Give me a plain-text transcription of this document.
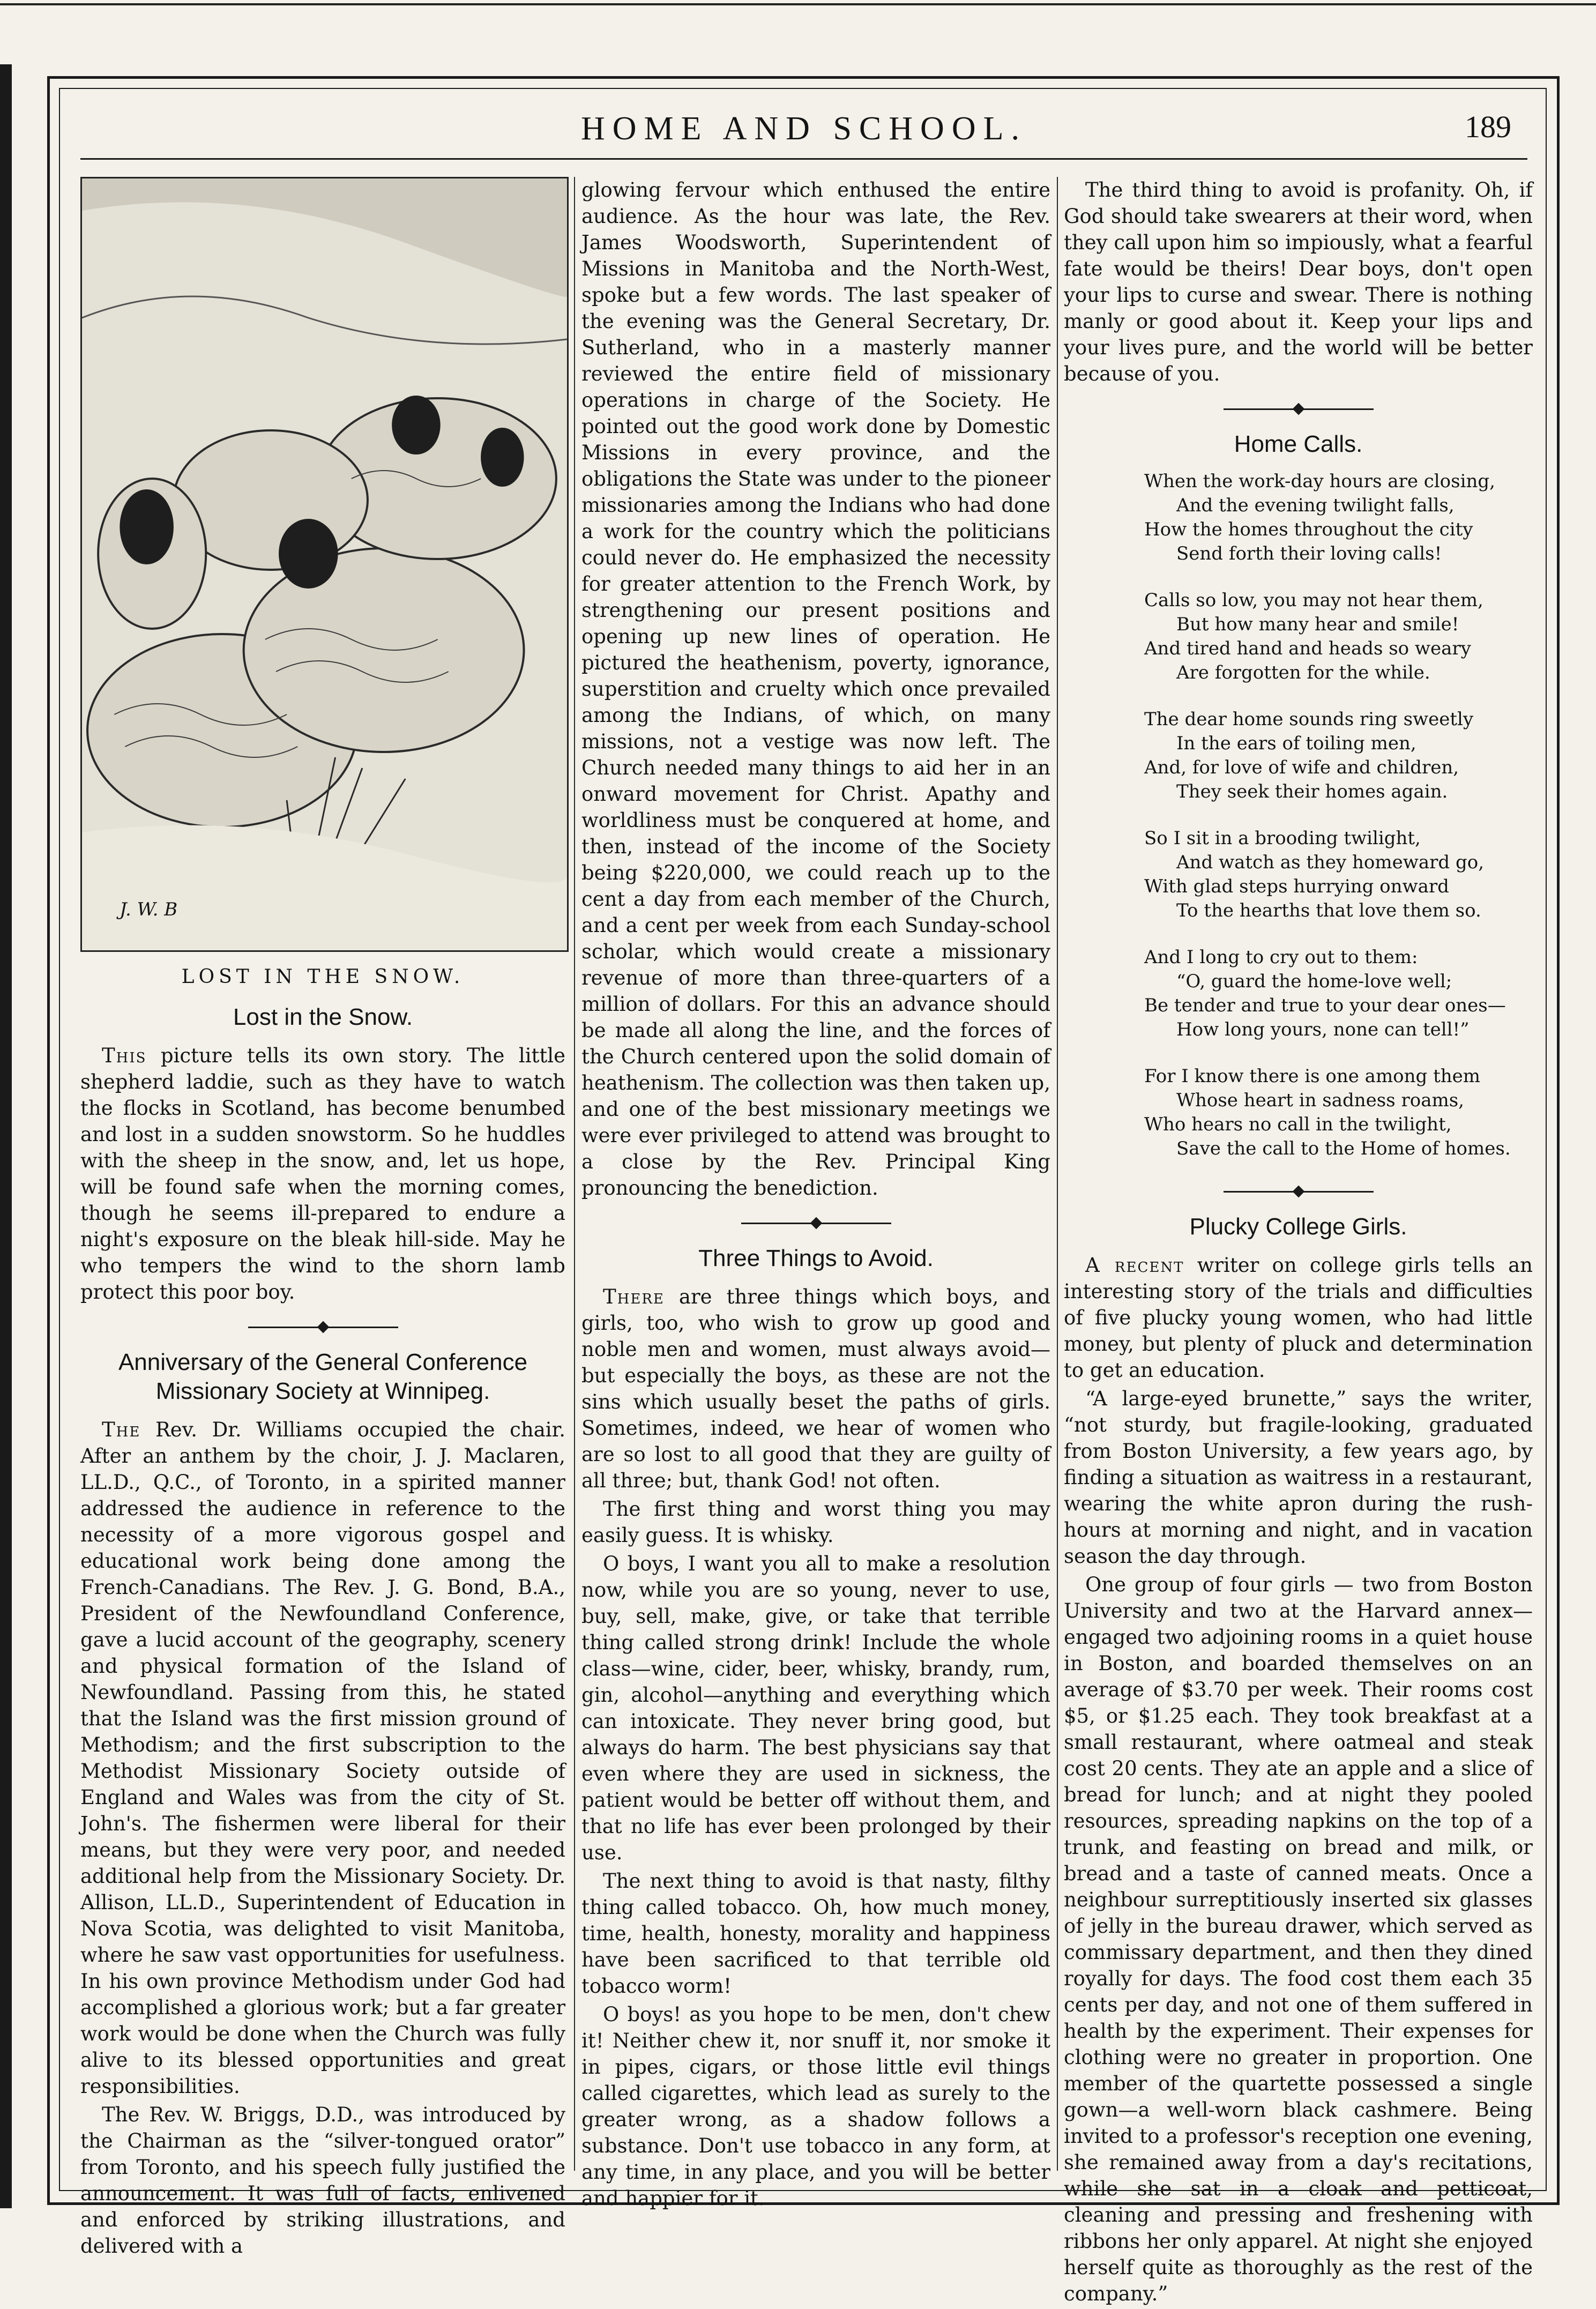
HOME AND SCHOOL.	189
J. W. B
LOST IN THE SNOW.
Lost in the Snow.

This picture tells its own story. The little shepherd laddie, such as they have to watch the flocks in Scotland, has become benumbed and lost in a sudden snowstorm. So he huddles with the sheep in the snow, and, let us hope, will be found safe when the morning comes, though he seems ill-prepared to endure a night's exposure on the bleak hill-side. May he who tempers the wind to the shorn lamb protect this poor boy.

Anniversary of the General Conference Missionary Society at Winnipeg.

The Rev. Dr. Williams occupied the chair. After an anthem by the choir, J. J. Maclaren, LL.D., Q.C., of Toronto, in a spirited manner addressed the audience in reference to the necessity of a more vigorous gospel and educational work being done among the French-Canadians. The Rev. J. G. Bond, B.A., President of the Newfoundland Conference, gave a lucid account of the geography, scenery and physical formation of the Island of Newfoundland. Passing from this, he stated that the Island was the first mission ground of Methodism; and the first subscription to the Methodist Missionary Society outside of England and Wales was from the city of St. John's. The fishermen were liberal for their means, but they were very poor, and needed additional help from the Missionary Society. Dr. Allison, LL.D., Superintendent of Education in Nova Scotia, was delighted to visit Manitoba, where he saw vast opportunities for usefulness. In his own province Methodism under God had accomplished a glorious work; but a far greater work would be done when the Church was fully alive to its blessed opportunities and great responsibilities.

The Rev. W. Briggs, D.D., was introduced by the Chairman as the “silver-tongued orator” from Toronto, and his speech fully justified the announcement. It was full of facts, enlivened and enforced by striking illustrations, and delivered with a

glowing fervour which enthused the entire audience. As the hour was late, the Rev. James Woodsworth, Superintendent of Missions in Manitoba and the North-West, spoke but a few words. The last speaker of the evening was the General Secretary, Dr. Sutherland, who in a masterly manner reviewed the entire field of missionary operations in charge of the Society. He pointed out the good work done by Domestic Missions in every province, and the obligations the State was under to the pioneer missionaries among the Indians who had done a work for the country which the politicians could never do. He emphasized the necessity for greater attention to the French Work, by strengthening our present positions and opening up new lines of operation. He pictured the heathenism, poverty, ignorance, superstition and cruelty which once prevailed among the Indians, of which, on many missions, not a vestige was now left. The Church needed many things to aid her in an onward movement for Christ. Apathy and worldliness must be conquered at home, and then, instead of the income of the Society being $220,000, we could reach up to the cent a day from each member of the Church, and a cent per week from each Sunday-school scholar, which would create a missionary revenue of more than three-quarters of a million of dollars. For this an advance should be made all along the line, and the forces of the Church centered upon the solid domain of heathenism. The collection was then taken up, and one of the best missionary meetings we were ever privileged to attend was brought to a close by the Rev. Principal King pronouncing the benediction.

Three Things to Avoid.

There are three things which boys, and girls, too, who wish to grow up good and noble men and women, must always avoid—but especially the boys, as these are not the sins which usually beset the paths of girls. Sometimes, indeed, we hear of women who are so lost to all good that they are guilty of all three; but, thank God! not often.

The first thing and worst thing you may easily guess. It is whisky.

O boys, I want you all to make a resolution now, while you are so young, never to use, buy, sell, make, give, or take that terrible thing called strong drink! Include the whole class—wine, cider, beer, whisky, brandy, rum, gin, alcohol—anything and everything which can intoxicate. They never bring good, but always do harm. The best physicians say that even where they are used in sickness, the patient would be better off without them, and that no life has ever been prolonged by their use.

The next thing to avoid is that nasty, filthy thing called tobacco. Oh, how much money, time, health, honesty, morality and happiness have been sacrificed to that terrible old tobacco worm!

O boys! as you hope to be men, don't chew it! Neither chew it, nor snuff it, nor smoke it in pipes, cigars, or those little evil things called cigarettes, which lead as surely to the greater wrong, as a shadow follows a substance. Don't use tobacco in any form, at any time, in any place, and you will be better and happier for it.

The third thing to avoid is profanity. Oh, if God should take swearers at their word, when they call upon him so impiously, what a fearful fate would be theirs! Dear boys, don't open your lips to curse and swear. There is nothing manly or good about it. Keep your lips and your lives pure, and the world will be better because of you.

Home Calls.
When the work-day hours are closing,
And the evening twilight falls,
How the homes throughout the city
Send forth their loving calls!
Calls so low, you may not hear them,
But how many hear and smile!
And tired hand and heads so weary
Are forgotten for the while.
The dear home sounds ring sweetly
In the ears of toiling men,
And, for love of wife and children,
They seek their homes again.
So I sit in a brooding twilight,
And watch as they homeward go,
With glad steps hurrying onward
To the hearths that love them so.
And I long to cry out to them:
“O, guard the home-love well;
Be tender and true to your dear ones—
How long yours, none can tell!”
For I know there is one among them
Whose heart in sadness roams,
Who hears no call in the twilight,
Save the call to the Home of homes.
Plucky College Girls.

A recent writer on college girls tells an interesting story of the trials and difficulties of five plucky young women, who had little money, but plenty of pluck and determination to get an education.

“A large-eyed brunette,” says the writer, “not sturdy, but fragile-looking, graduated from Boston University, a few years ago, by finding a situation as waitress in a restaurant, wearing the white apron during the rush-hours at morning and night, and in vacation season the day through.

One group of four girls — two from Boston University and two at the Harvard annex—engaged two adjoining rooms in a quiet house in Boston, and boarded themselves on an average of $3.70 per week. Their rooms cost $5, or $1.25 each. They took breakfast at a small restaurant, where oatmeal and steak cost 20 cents. They ate an apple and a slice of bread for lunch; and at night they pooled resources, spreading napkins on the top of a trunk, and feasting on bread and milk, or bread and a taste of canned meats. Once a neighbour surreptitiously inserted six glasses of jelly in the bureau drawer, which served as commissary department, and then they dined royally for days. The food cost them each 35 cents per day, and not one of them suffered in health by the experiment. Their expenses for clothing were no greater in proportion. One member of the quartette possessed a single gown—a well-worn black cashmere. Being invited to a professor's reception one evening, she remained away from a day's recitations, while she sat in a cloak and petticoat, cleaning and pressing and freshening with ribbons her only apparel. At night she enjoyed herself quite as thoroughly as the rest of the company.”
